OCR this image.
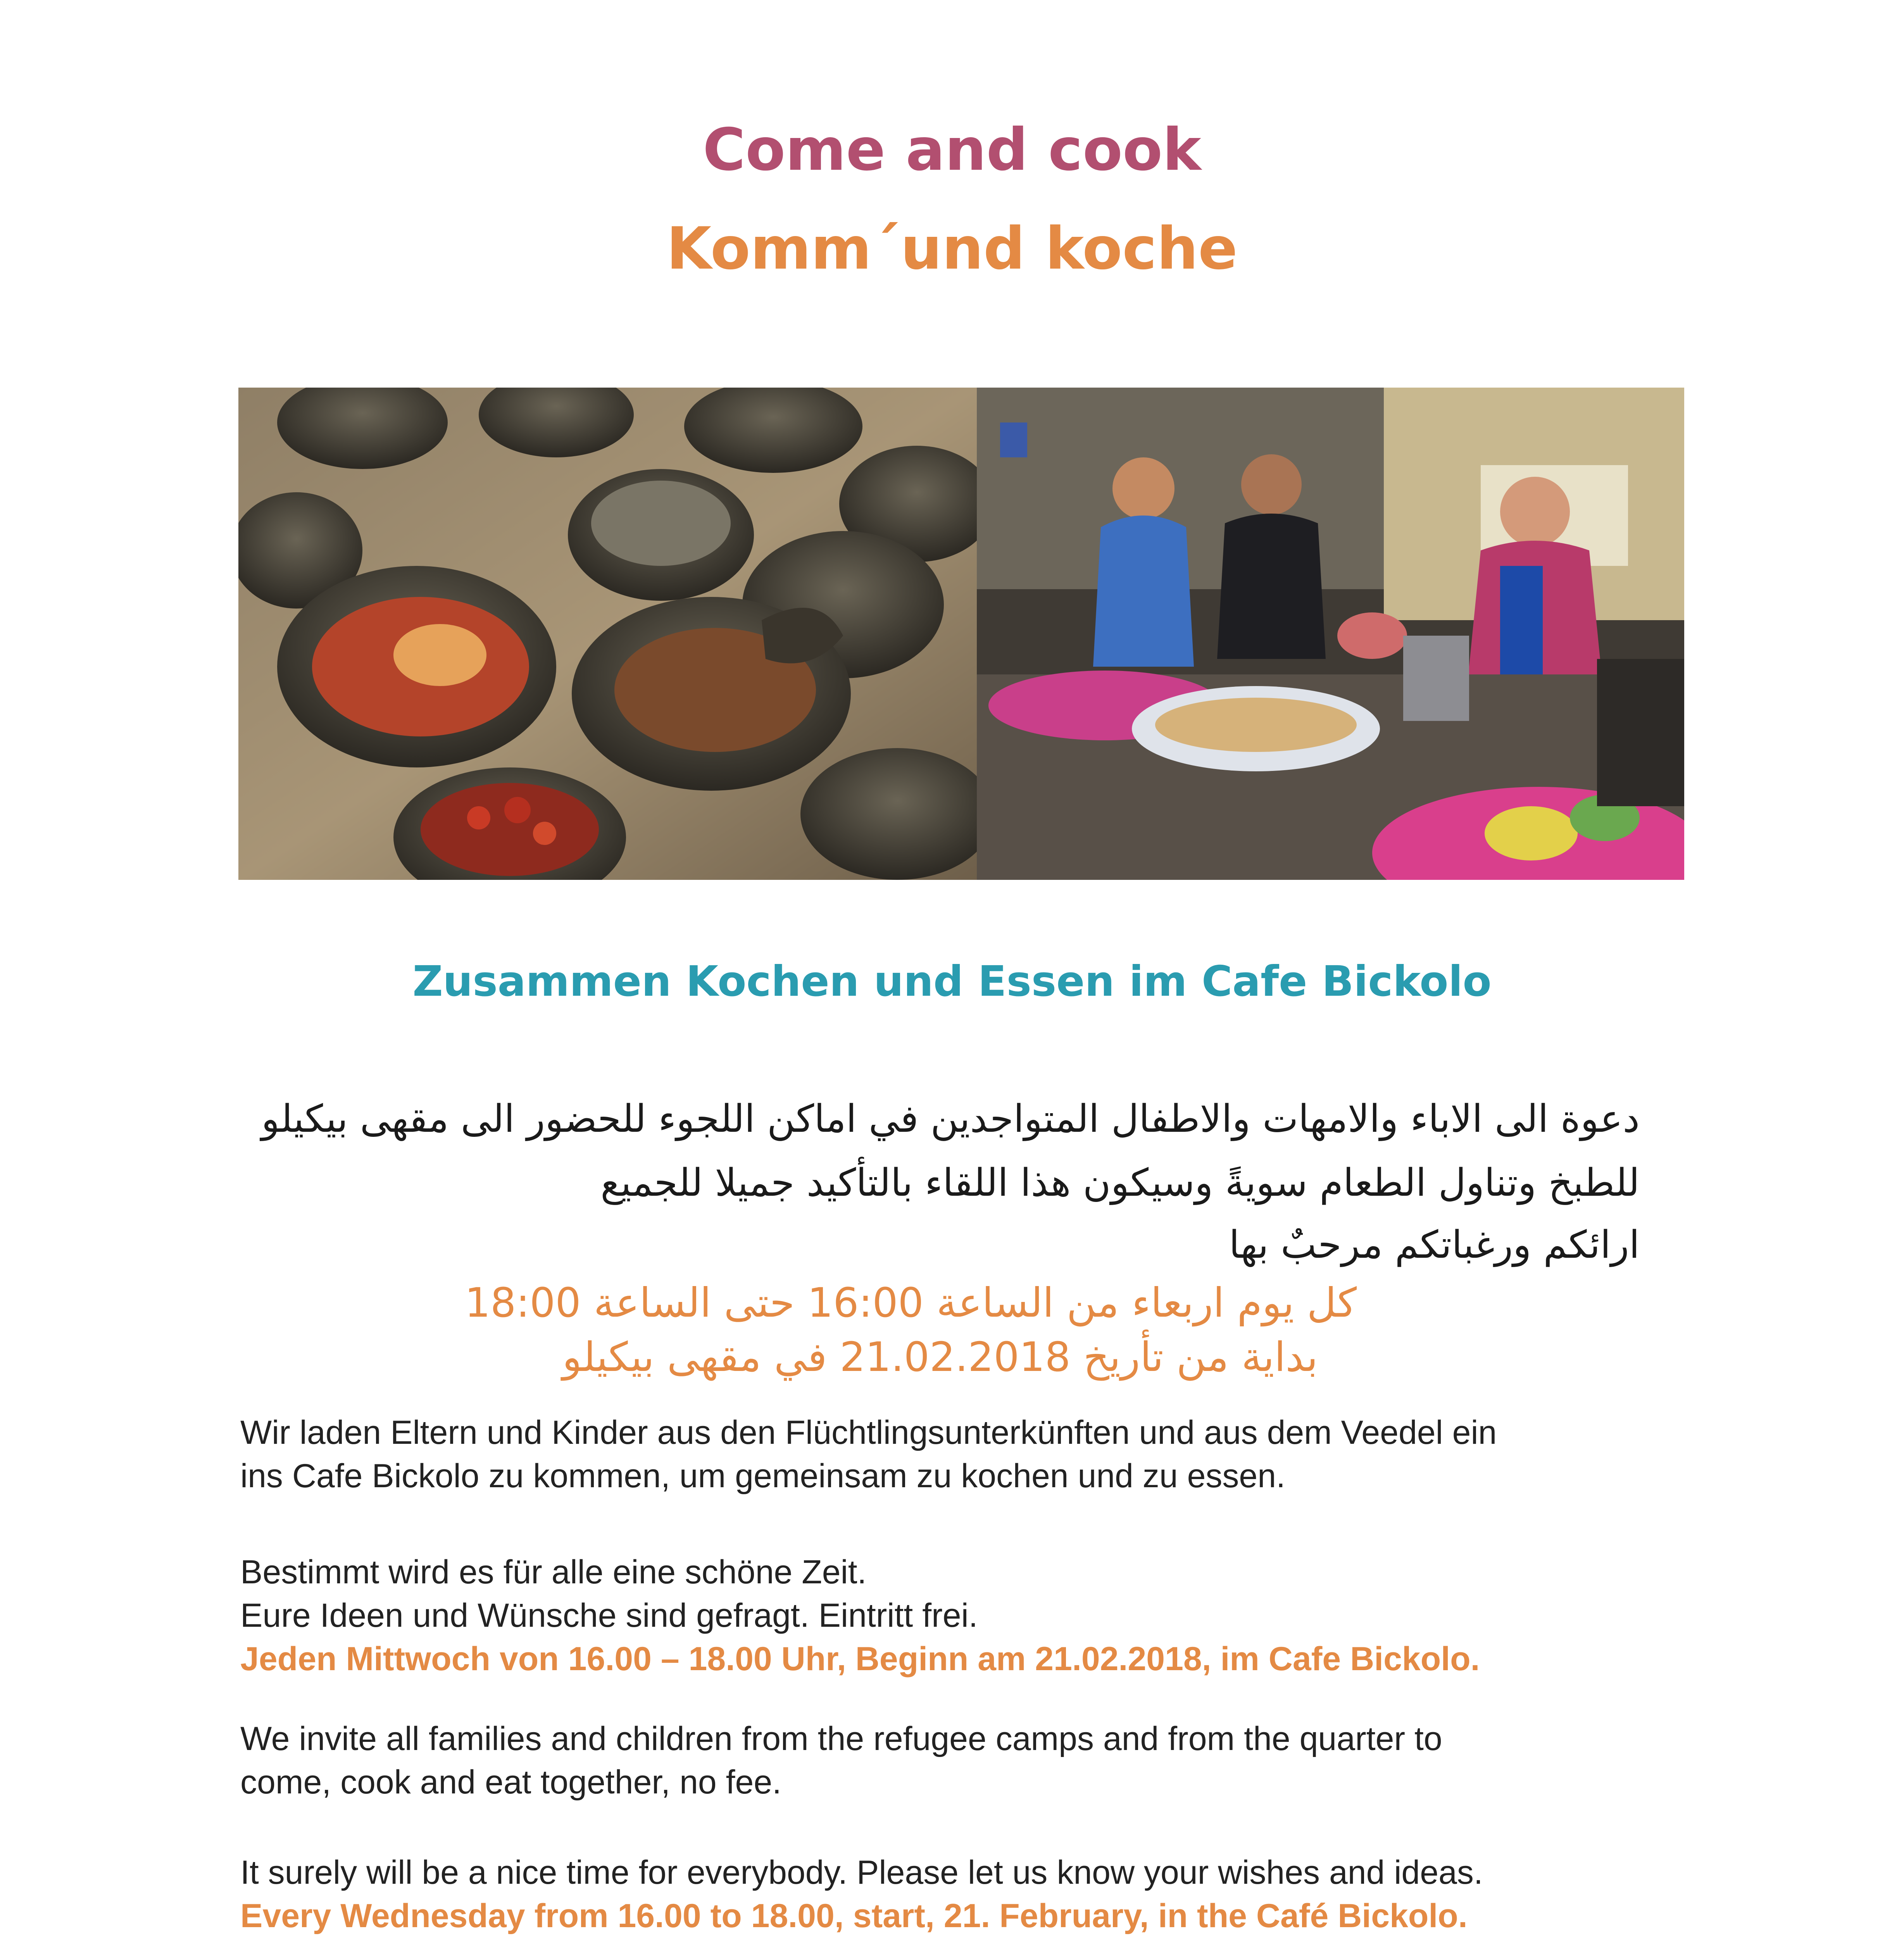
Come and cook
Komm´und koche
Zusammen Kochen und Essen im Cafe Bickolo
دعوة الى الاباء والامهات والاطفال المتواجدين في اماكن اللجوء للحضور الى مقهى بيكيلو
للطبخ وتناول الطعام سويةً وسيكون هذا اللقاء بالتأكيد جميلا للجميع
ارائكم ورغباتكم مرحبٌ بها
كل يوم اربعاء من الساعة 16:00 حتى الساعة 18:00
بداية من تأريخ 21.02.2018 في مقهى بيكيلو
Wir laden Eltern und Kinder aus den Flüchtlingsunterkünften und aus dem Veedel ein
ins Cafe Bickolo zu kommen, um gemeinsam zu kochen und zu essen.
Bestimmt wird es für alle eine schöne Zeit.
Eure Ideen und Wünsche sind gefragt. Eintritt frei.
Jeden Mittwoch von 16.00 – 18.00 Uhr, Beginn am 21.02.2018, im Cafe Bickolo.
We invite all families and children from the refugee camps and from the quarter to
come, cook and eat together, no fee.
It surely will be a nice time for everybody. Please let us know your wishes and ideas.
Every Wednesday from 16.00 to 18.00, start, 21. February, in the Café Bickolo.
